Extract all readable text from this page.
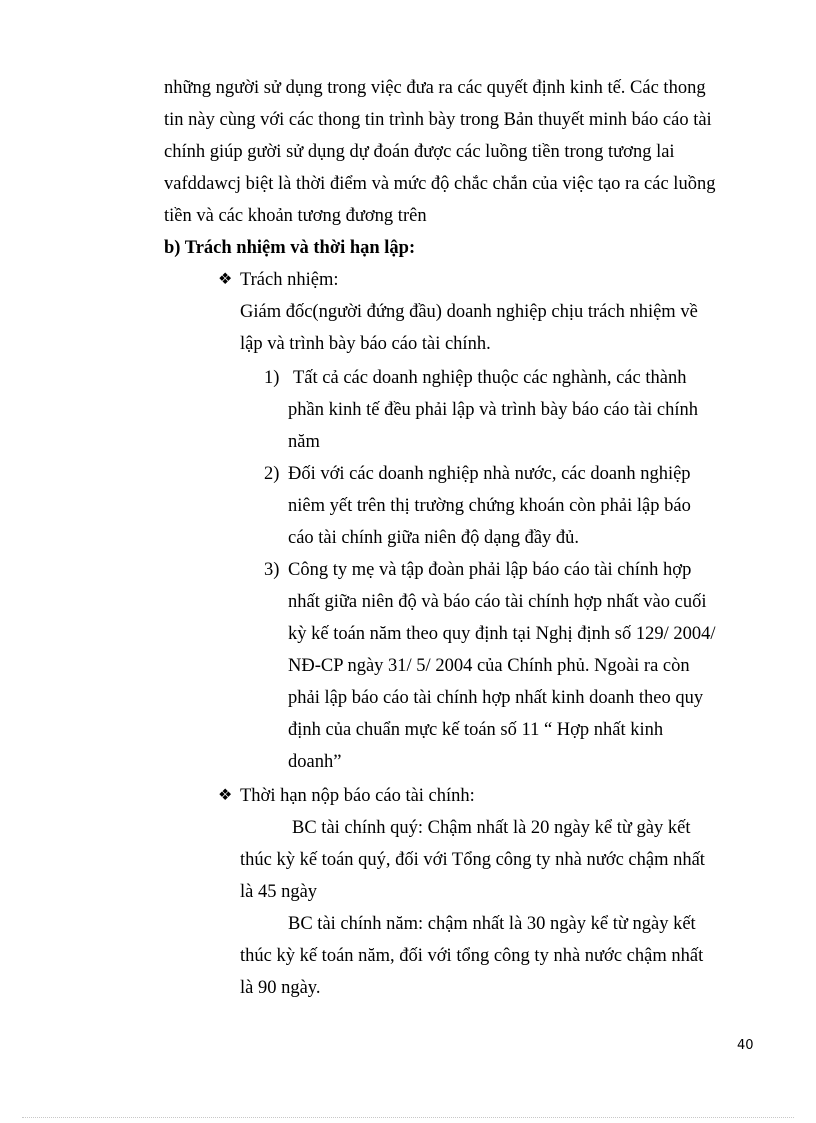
những người sử dụng trong việc đưa ra các quyết định kinh tế. Các thong
tin này cùng với các thong tin trình bày trong Bản thuyết minh báo cáo tài
chính giúp gười sử dụng dự đoán được các luồng tiền trong tương lai
vafddawcj biệt là thời điểm và mức độ chắc chắn của việc tạo ra các luồng
tiền và các khoản tương đương trên
b) Trách nhiệm và thời hạn lập:
❖ Trách nhiệm:
Giám đốc(người đứng đầu) doanh nghiệp chịu trách nhiệm về
lập và trình bày báo cáo tài chính.
1) Tất cả các doanh nghiệp thuộc các nghành, các thành
phần kinh tế đều phải lập và trình bày báo cáo tài chính
năm
2) Đối với các doanh nghiệp nhà nước, các doanh nghiệp
niêm yết trên thị trường chứng khoán còn phải lập báo
cáo tài chính giữa niên độ dạng đầy đủ.
3) Công ty mẹ và tập đoàn phải lập báo cáo tài chính hợp
nhất giữa niên độ và báo cáo tài chính hợp nhất vào cuối
kỳ kế toán năm theo quy định tại Nghị định số 129/ 2004/
NĐ-CP ngày 31/ 5/ 2004 của Chính phủ. Ngoài ra còn
phải lập báo cáo tài chính hợp nhất kinh doanh theo quy
định của chuẩn mực kế toán số 11 “ Hợp nhất kinh
doanh”
❖ Thời hạn nộp báo cáo tài chính:
BC tài chính quý: Chậm nhất là 20 ngày kể từ gày kết
thúc kỳ kế toán quý, đối với Tổng công ty nhà nước chậm nhất
là 45 ngày
BC tài chính năm: chậm nhất là 30 ngày kể từ ngày kết
thúc kỳ kế toán năm, đối với tổng công ty nhà nước chậm nhất
là 90 ngày.
40
